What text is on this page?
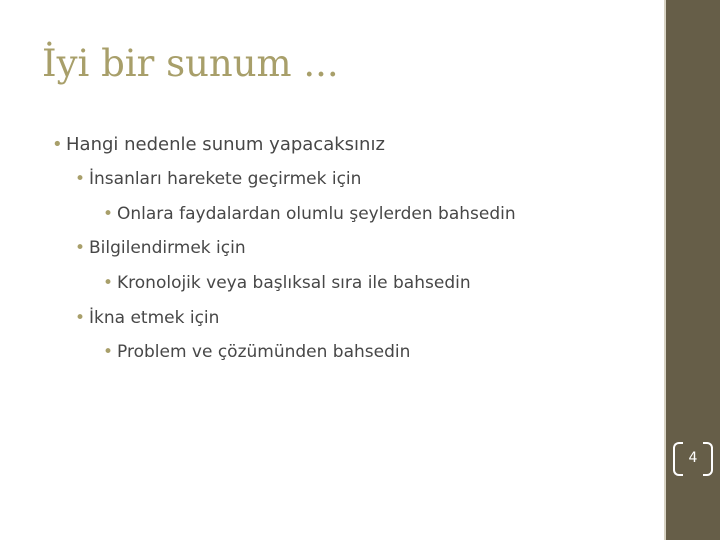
İyi bir sunum ...
• Hangi nedenle sunum yapacaksınız
• İnsanları harekete geçirmek için
• Onlara faydalardan olumlu şeylerden bahsedin
• Bilgilendirmek için
• Kronolojik veya başlıksal sıra ile bahsedin
• İkna etmek için
• Problem ve çözümünden bahsedin
4
